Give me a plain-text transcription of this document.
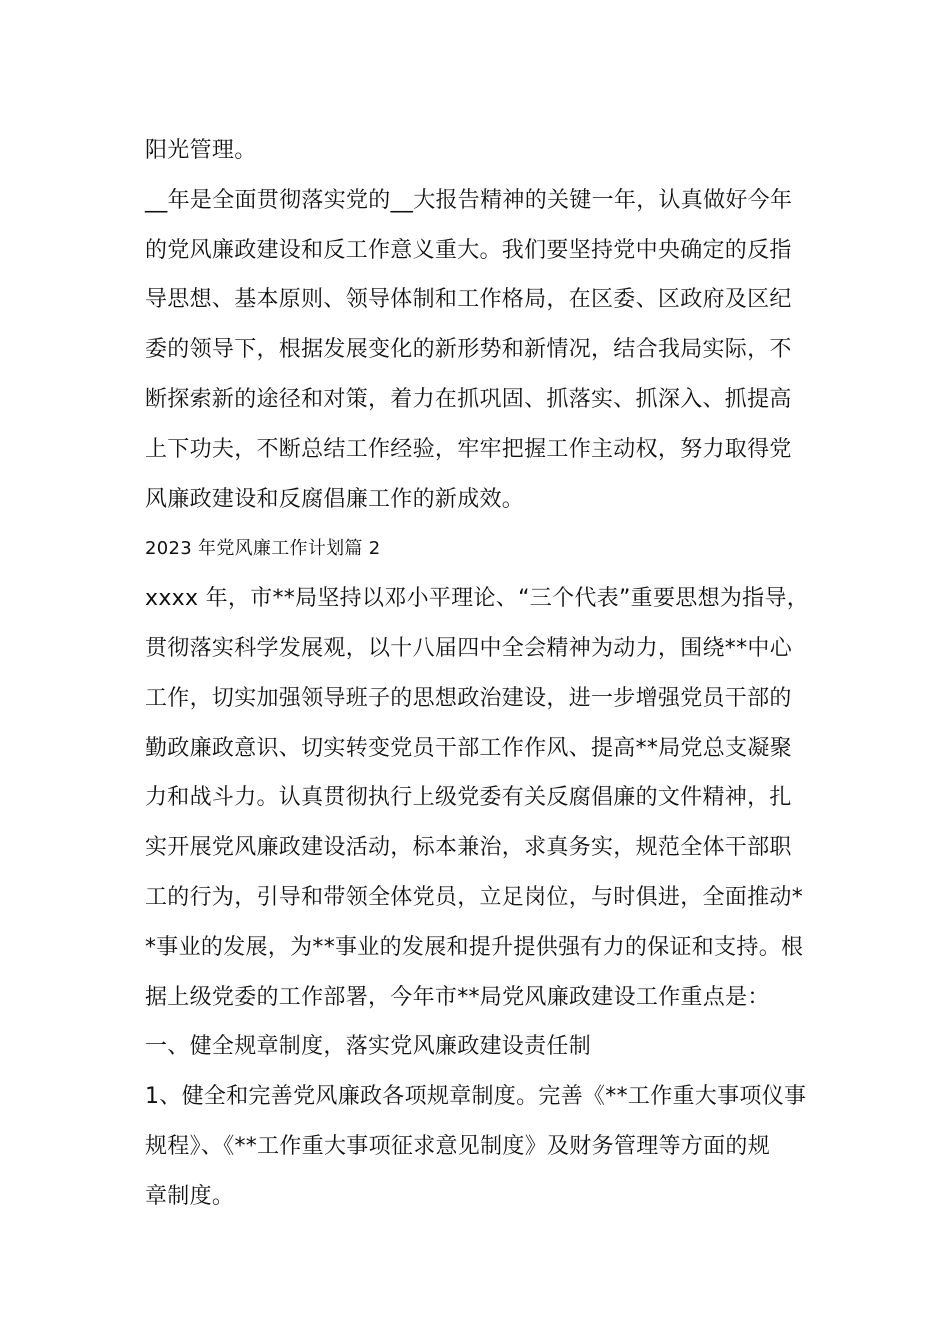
阳光管理。
__年是全面贯彻落实党的__大报告精神的关键一年，认真做好今年
的党风廉政建设和反工作意义重大。我们要坚持党中央确定的反指
导思想、基本原则、领导体制和工作格局，在区委、区政府及区纪
委的领导下，根据发展变化的新形势和新情况，结合我局实际，不
断探索新的途径和对策，着力在抓巩固、抓落实、抓深入、抓提高
上下功夫，不断总结工作经验，牢牢把握工作主动权，努力取得党
风廉政建设和反腐倡廉工作的新成效。
2023 年党风廉工作计划篇 2
xxxx 年，市**局坚持以邓小平理论、“三个代表”重要思想为指导，
贯彻落实科学发展观，以十八届四中全会精神为动力，围绕**中心
工作，切实加强领导班子的思想政治建设，进一步增强党员干部的
勤政廉政意识、切实转变党员干部工作作风、提高**局党总支凝聚
力和战斗力。认真贯彻执行上级党委有关反腐倡廉的文件精神，扎
实开展党风廉政建设活动，标本兼治，求真务实，规范全体干部职
工的行为，引导和带领全体党员，立足岗位，与时俱进，全面推动*
*事业的发展，为**事业的发展和提升提供强有力的保证和支持。根
据上级党委的工作部署，今年市**局党风廉政建设工作重点是：
一、健全规章制度，落实党风廉政建设责任制
1、健全和完善党风廉政各项规章制度。完善《**工作重大事项仪事
规程》、《**工作重大事项征求意见制度》及财务管理等方面的规
章制度。
